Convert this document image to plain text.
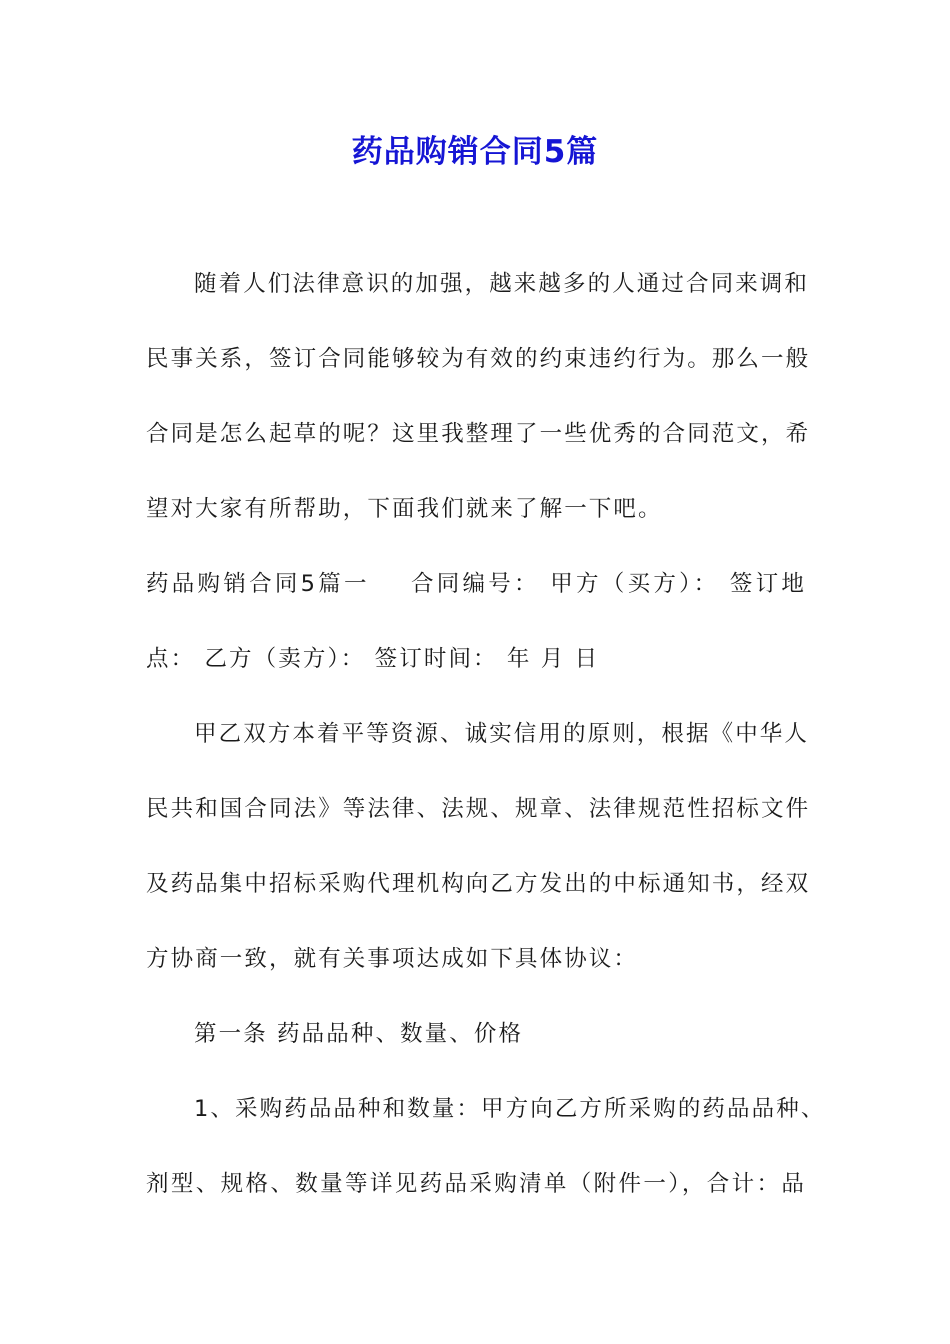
药品购销合同5篇
随着人们法律意识的加强，越来越多的人通过合同来调和
民事关系，签订合同能够较为有效的约束违约行为。那么一般
合同是怎么起草的呢？这里我整理了一些优秀的合同范文，希
望对大家有所帮助，下面我们就来了解一下吧。
药品购销合同5篇一 合同编号： 甲方（买方）： 签订地
点： 乙方（卖方）： 签订时间： 年 月 日
甲乙双方本着平等资源、诚实信用的原则，根据《中华人
民共和国合同法》等法律、法规、规章、法律规范性招标文件
及药品集中招标采购代理机构向乙方发出的中标通知书，经双
方协商一致，就有关事项达成如下具体协议：
第一条 药品品种、数量、价格
1、采购药品品种和数量：甲方向乙方所采购的药品品种、
剂型、规格、数量等详见药品采购清单（附件一），合计：品
